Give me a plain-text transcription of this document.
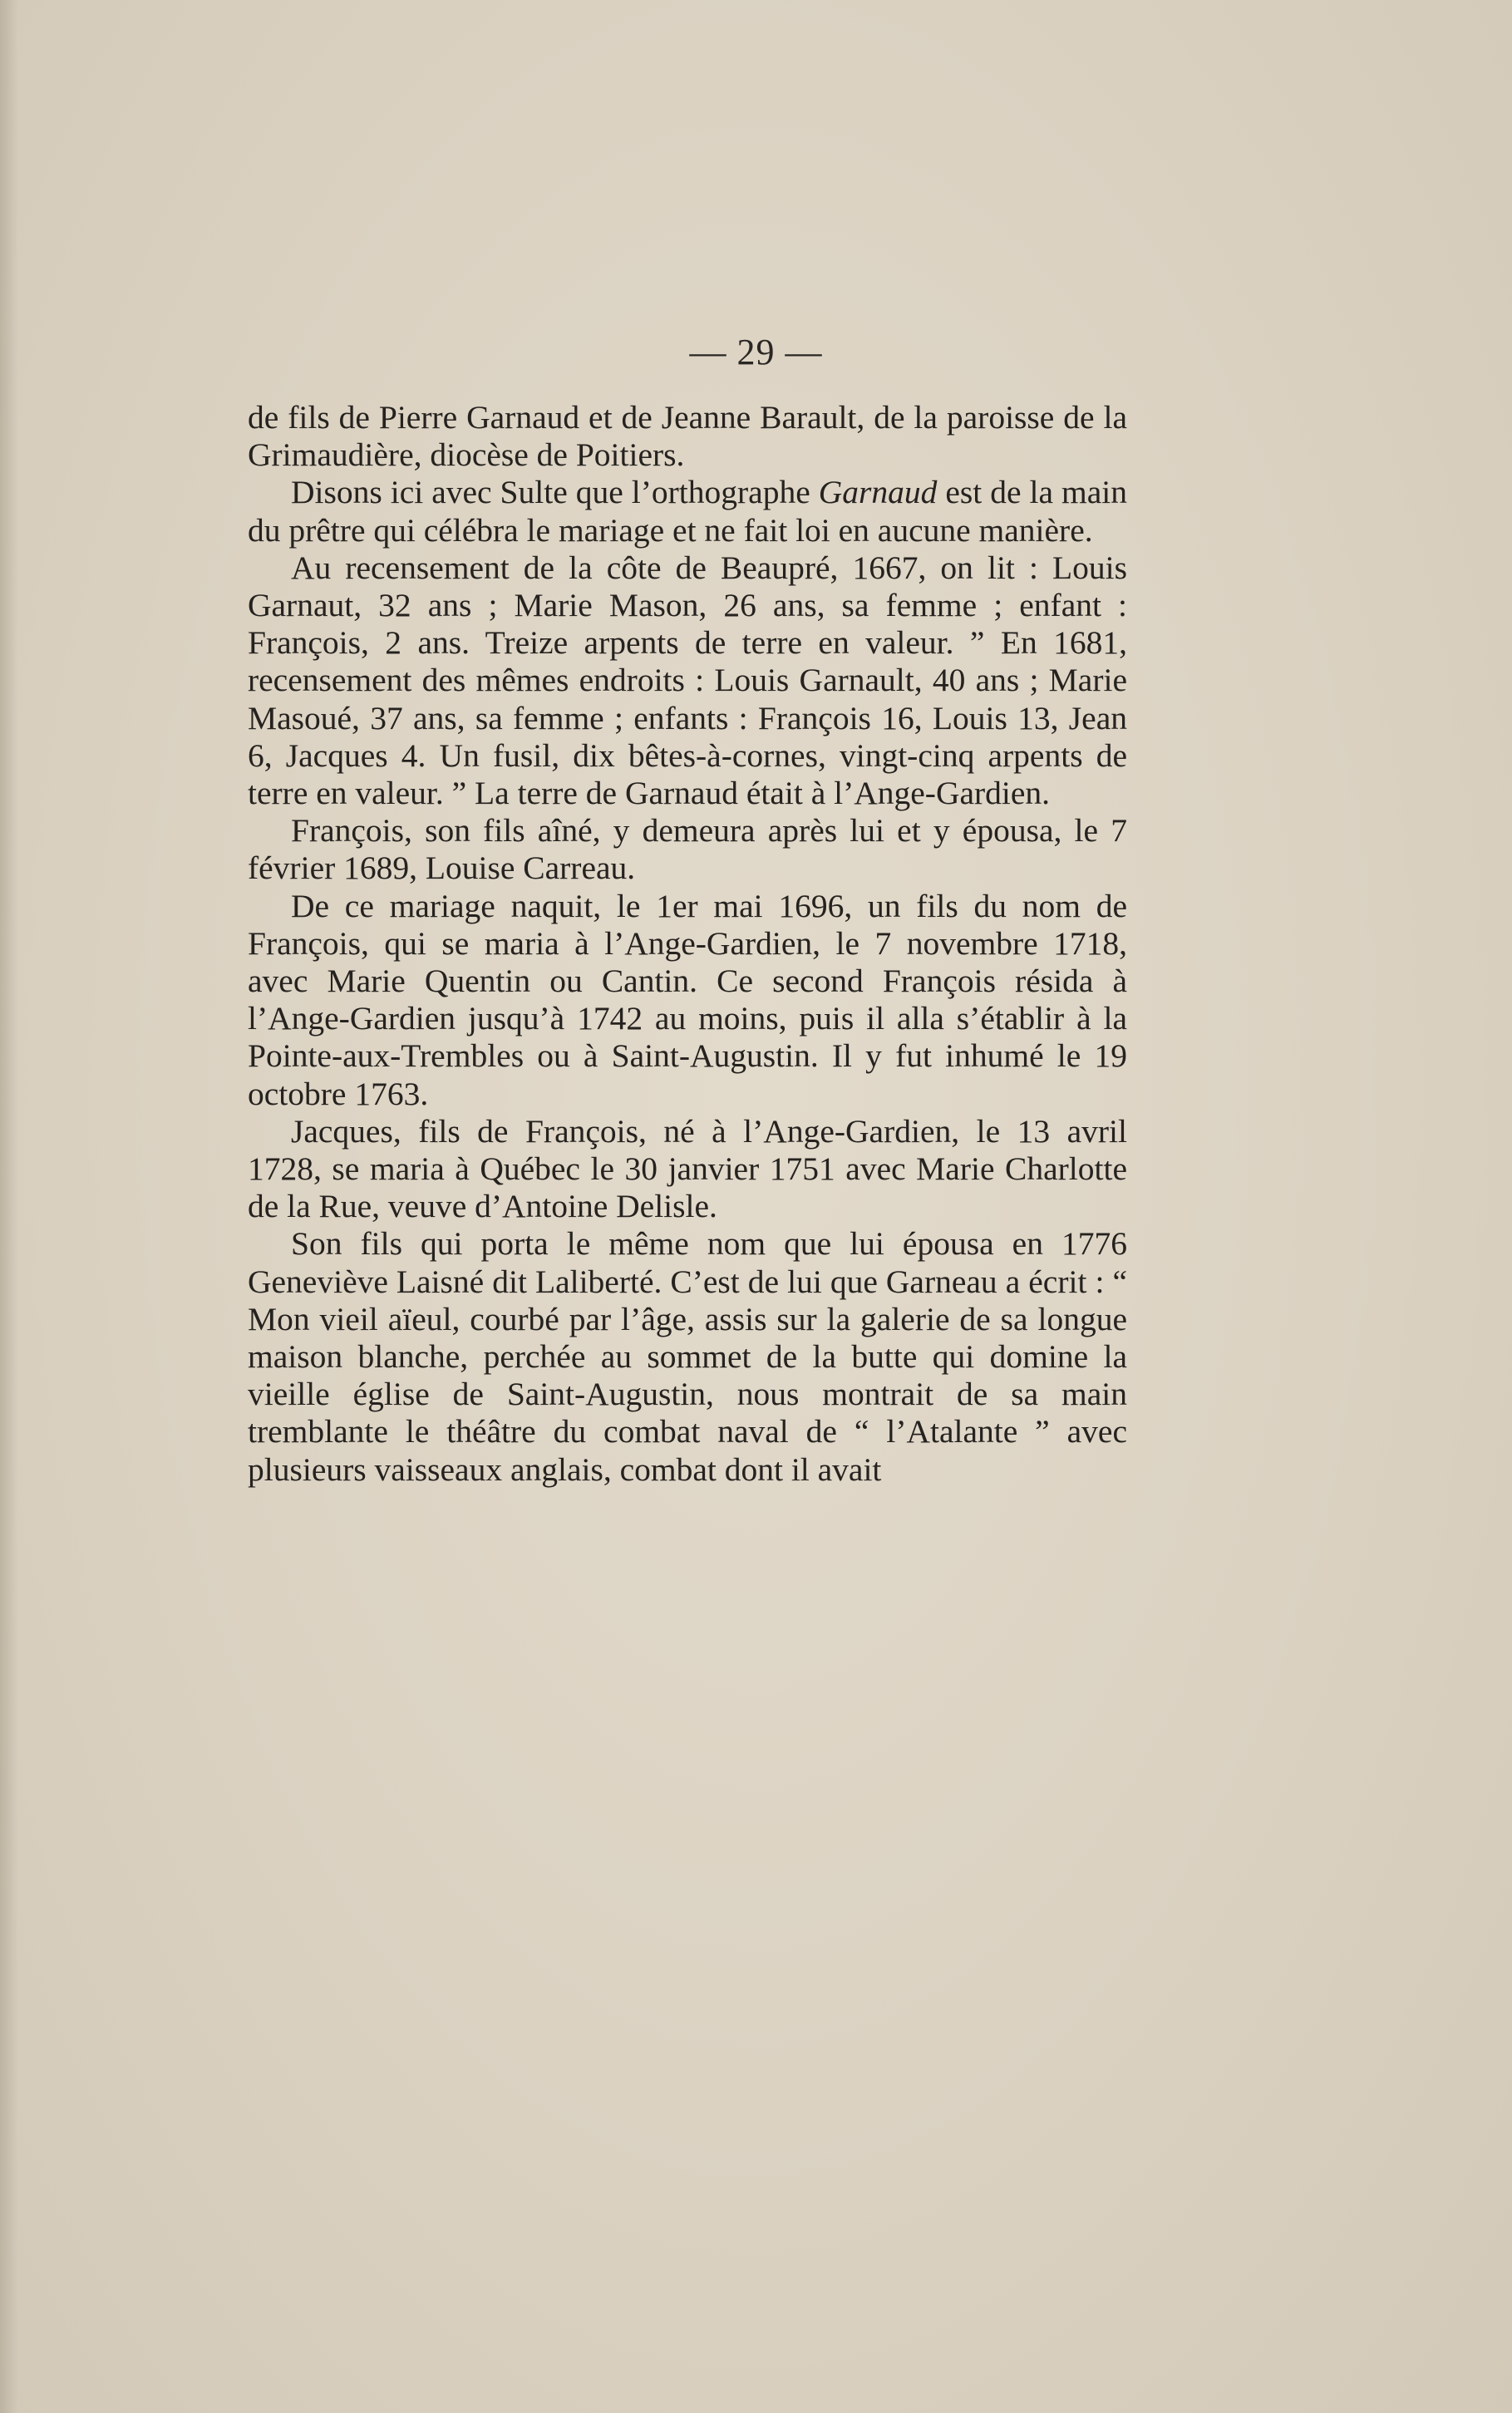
— 29 —

de fils de Pierre Garnaud et de Jeanne Barault, de la paroisse de la Grimaudière, diocèse de Poitiers.

Disons ici avec Sulte que l’orthographe Garnaud est de la main du prêtre qui célébra le mariage et ne fait loi en aucune manière.

Au recensement de la côte de Beaupré, 1667, on lit : Louis Garnaut, 32 ans ; Marie Mason, 26 ans, sa femme ; enfant : François, 2 ans. Treize arpents de terre en valeur. ” En 1681, recensement des mêmes endroits : Louis Garnault, 40 ans ; Marie Masoué, 37 ans, sa femme ; enfants : François 16, Louis 13, Jean 6, Jacques 4. Un fusil, dix bêtes-à-cornes, vingt-cinq arpents de terre en valeur. ” La terre de Garnaud était à l’Ange-Gardien.

François, son fils aîné, y demeura après lui et y épousa, le 7 février 1689, Louise Carreau.

De ce mariage naquit, le 1er mai 1696, un fils du nom de François, qui se maria à l’Ange-Gardien, le 7 novembre 1718, avec Marie Quentin ou Cantin. Ce second François résida à l’Ange-Gardien jusqu’à 1742 au moins, puis il alla s’établir à la Pointe-aux-Trembles ou à Saint-Augustin. Il y fut inhumé le 19 octobre 1763.

Jacques, fils de François, né à l’Ange-Gardien, le 13 avril 1728, se maria à Québec le 30 janvier 1751 avec Marie Charlotte de la Rue, veuve d’Antoine Delisle.

Son fils qui porta le même nom que lui épousa en 1776 Geneviève Laisné dit Laliberté. C’est de lui que Garneau a écrit : “ Mon vieil aïeul, courbé par l’âge, assis sur la galerie de sa longue maison blanche, perchée au sommet de la butte qui domine la vieille église de Saint-Augustin, nous montrait de sa main tremblante le théâtre du combat naval de “ l’Atalante ” avec plusieurs vaisseaux anglais, combat dont il avait
